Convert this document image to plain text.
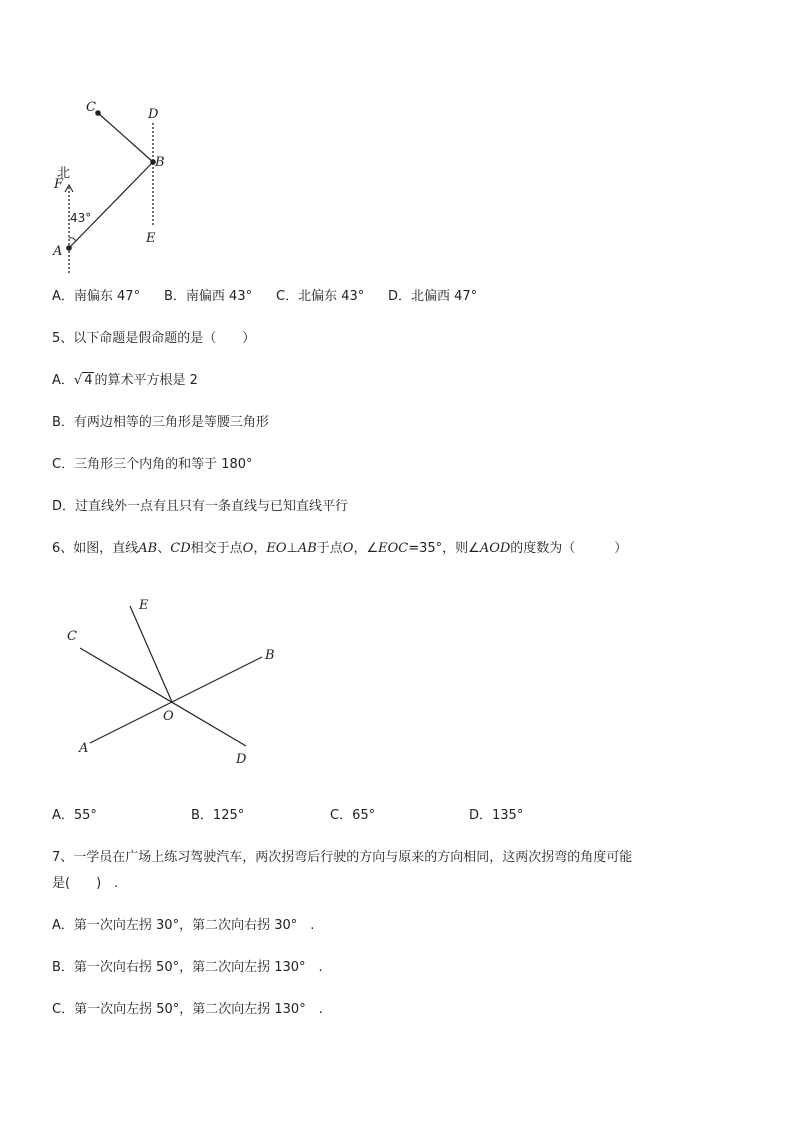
C	D
B
北
F
43°
A
E
A．南偏东 47° B．南偏西 43° C．北偏东 43° D．北偏西 47°
5、以下命题是假命题的是（　　）
A．√ 4 的算术平方根是 2
B．有两边相等的三角形是等腰三角形
C．三角形三个内角的和等于 180°
D．过直线外一点有且只有一条直线与已知直线平行
6、如图，直线AB、CD相交于点O，EO⊥AB于点O，∠EOC=35°，则∠AOD的度数为（　　　）
E
C
B
O
A
D
A．55°	B．125°	C．65°	D．135°
7、一学员在广场上练习驾驶汽车，两次拐弯后行驶的方向与原来的方向相同，这两次拐弯的角度可能
是(　　)　.
A．第一次向左拐 30°，第二次向右拐 30°　.
B．第一次向右拐 50°，第二次向左拐 130°　.
C．第一次向左拐 50°，第二次向左拐 130°　.
